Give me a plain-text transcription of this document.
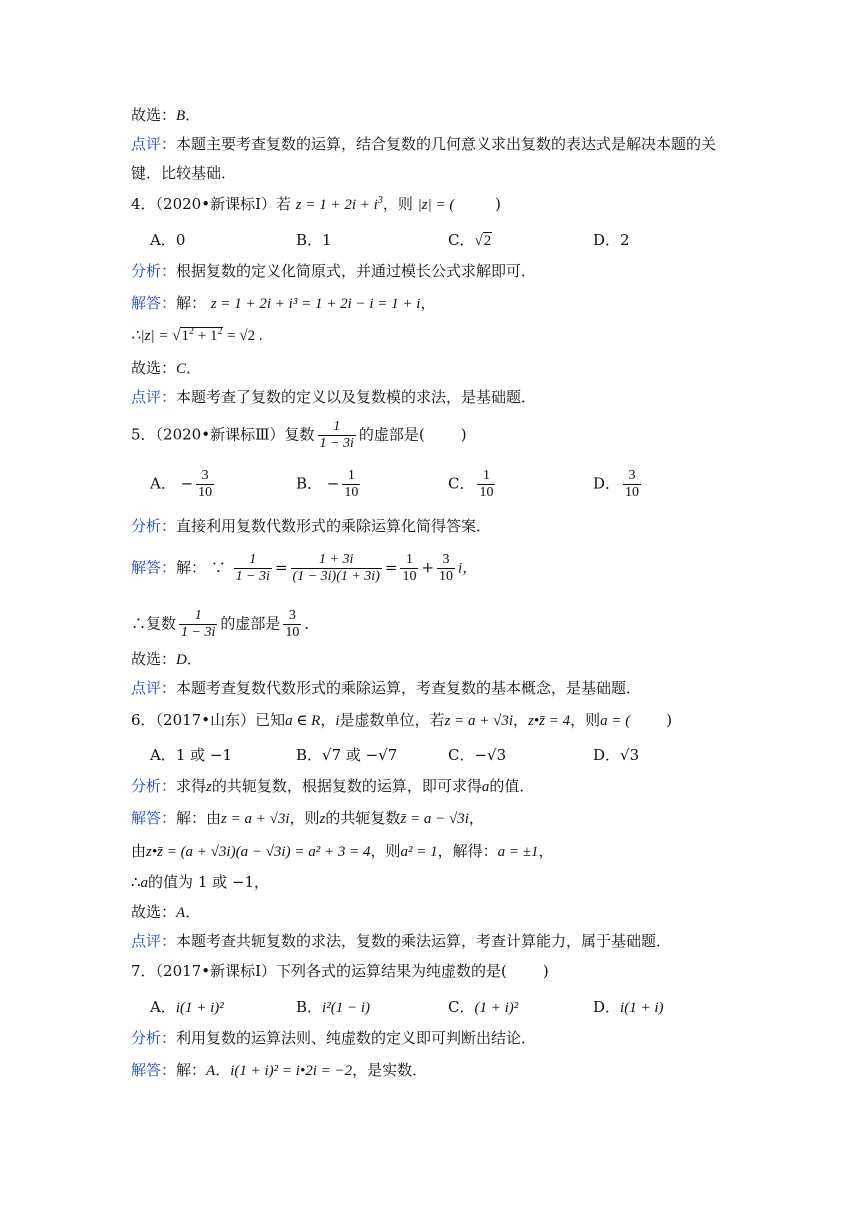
故选：B．
点评：本题主要考查复数的运算，结合复数的几何意义求出复数的表达式是解决本题的关
键．比较基础．
4．（2020•新课标Ⅰ）若 $z = 1 + 2i + i^3$，则 |z| = (	)
A．0	B．1	C．√2	D．2
分析：根据复数的定义化简原式，并通过模长公式求解即可．
解答：解： z = 1 + 2i + i³ = 1 + 2i − i = 1 + i，
∴|z| = $√1^2 + 1^2 = √2$ .
故选：C．
点评：本题考查了复数的定义以及复数模的求法，是基础题．
5．（2020•新课标Ⅲ）复数 $\frac{1}{1 - 3i}$ 的虚部是( )
A． − $\frac{3}{10}$	B． − $\frac{1}{10}$	C． $\frac{1}{10}$	D． $\frac{3}{10}$
分析：直接利用复数代数形式的乘除运算化简得答案．
解答：解： ∵ $\frac{1}{1 - 3i} = \frac{1 + 3i}{(1 - 3i)(1 + 3i)} = \frac{1}{10} + \frac{3}{10}$ i，
∴复数 $\frac{1}{1 - 3i}$ 的虚部是 $\frac{3}{10}$ ．
故选：D．
点评：本题考查复数代数形式的乘除运算，考查复数的基本概念，是基础题．
6．（2017•山东）已知a ∈ R，i是虚数单位，若z = a + √3i，z•z̄ = 4，则a = ( )
A．1 或 −1	B．√7 或 −√7	C．−√3	D．√3
分析：求得z的共轭复数，根据复数的运算，即可求得a的值．
解答：解：由z = a + √3i，则z的共轭复数z̄ = a − √3i，
由z•z̄ = (a + √3i)(a − √3i) = a² + 3 = 4，则a² = 1，解得：a = ±1，
∴a的值为 1 或 −1，
故选：A．
点评：本题考查共轭复数的求法，复数的乘法运算，考查计算能力，属于基础题．
7．（2017•新课标Ⅰ）下列各式的运算结果为纯虚数的是( )
A．i(1 + i)²	B．i²(1 − i)	C．(1 + i)²	D．i(1 + i)
分析：利用复数的运算法则、纯虚数的定义即可判断出结论．
解答：解：A．i(1 + i)² = i•2i = −2，是实数．
